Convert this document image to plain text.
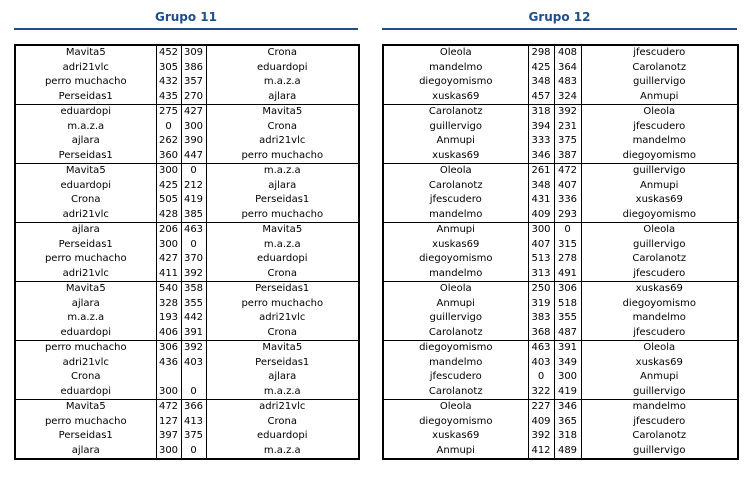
Grupo 11
Mavita5	452	309	Crona
adri21vlc	305	386	eduardopi
perro muchacho	432	357	m.a.z.a
Perseidas1	435	270	ajlara
eduardopi	275	427	Mavita5
m.a.z.a	0	300	Crona
ajlara	262	390	adri21vlc
Perseidas1	360	447	perro muchacho
Mavita5	300	0	m.a.z.a
eduardopi	425	212	ajlara
Crona	505	419	Perseidas1
adri21vlc	428	385	perro muchacho
ajlara	206	463	Mavita5
Perseidas1	300	0	m.a.z.a
perro muchacho	427	370	eduardopi
adri21vlc	411	392	Crona
Mavita5	540	358	Perseidas1
ajlara	328	355	perro muchacho
m.a.z.a	193	442	adri21vlc
eduardopi	406	391	Crona
perro muchacho	306	392	Mavita5
adri21vlc	436	403	Perseidas1
Crona			ajlara
eduardopi	300	0	m.a.z.a
Mavita5	472	366	adri21vlc
perro muchacho	127	413	Crona
Perseidas1	397	375	eduardopi
ajlara	300	0	m.a.z.a
Grupo 12
Oleola	298	408	jfescudero
mandelmo	425	364	Carolanotz
diegoyomismo	348	483	guillervigo
xuskas69	457	324	Anmupi
Carolanotz	318	392	Oleola
guillervigo	394	231	jfescudero
Anmupi	333	375	mandelmo
xuskas69	346	387	diegoyomismo
Oleola	261	472	guillervigo
Carolanotz	348	407	Anmupi
jfescudero	431	336	xuskas69
mandelmo	409	293	diegoyomismo
Anmupi	300	0	Oleola
xuskas69	407	315	guillervigo
diegoyomismo	513	278	Carolanotz
mandelmo	313	491	jfescudero
Oleola	250	306	xuskas69
Anmupi	319	518	diegoyomismo
guillervigo	383	355	mandelmo
Carolanotz	368	487	jfescudero
diegoyomismo	463	391	Oleola
mandelmo	403	349	xuskas69
jfescudero	0	300	Anmupi
Carolanotz	322	419	guillervigo
Oleola	227	346	mandelmo
diegoyomismo	409	365	jfescudero
xuskas69	392	318	Carolanotz
Anmupi	412	489	guillervigo
